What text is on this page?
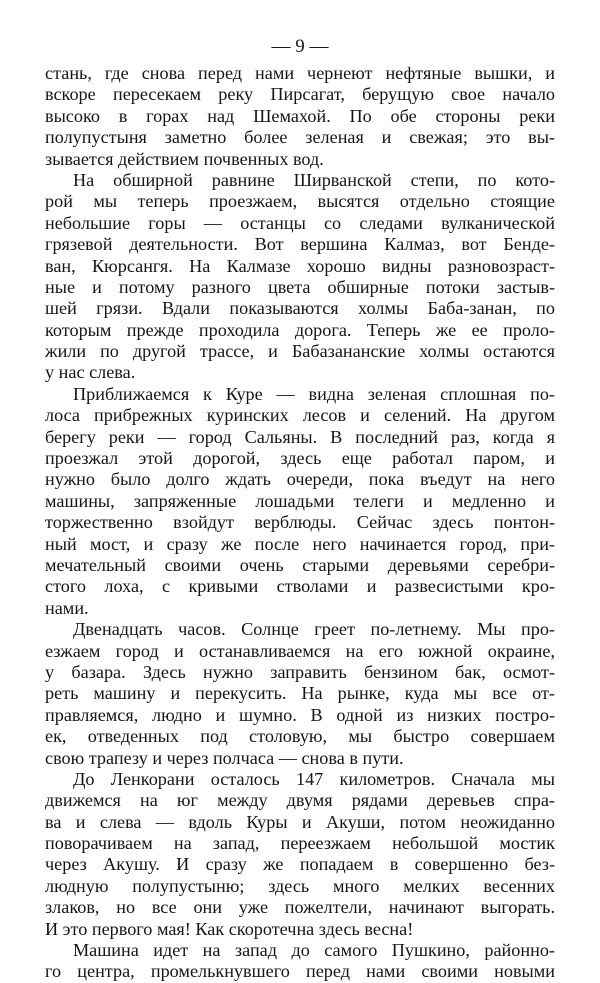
— 9 —
стань, где снова перед нами чернеют нефтяные вышки, и
вскоре пересекаем реку Пирсагат, берущую свое начало
высоко в горах над Шемахой. По обе стороны реки
полупустыня заметно более зеленая и свежая; это вы-
зывается действием почвенных вод.
На обширной равнине Ширванской степи, по кото-
рой мы теперь проезжаем, высятся отдельно стоящие
небольшие горы — останцы со следами вулканической
грязевой деятельности. Вот вершина Калмаз, вот Бенде-
ван, Кюрсангя. На Калмазе хорошо видны разновозраст-
ные и потому разного цвета обширные потоки застыв-
шей грязи. Вдали показываются холмы Баба-занан, по
которым прежде проходила дорога. Теперь же ее проло-
жили по другой трассе, и Бабазананские холмы остаются
у нас слева.
Приближаемся к Куре — видна зеленая сплошная по-
лоса прибрежных куринских лесов и селений. На другом
берегу реки — город Сальяны. В последний раз, когда я
проезжал этой дорогой, здесь еще работал паром, и
нужно было долго ждать очереди, пока въедут на него
машины, запряженные лошадьми телеги и медленно и
торжественно взойдут верблюды. Сейчас здесь понтон-
ный мост, и сразу же после него начинается город, при-
мечательный своими очень старыми деревьями серебри-
стого лоха, с кривыми стволами и развесистыми кро-
нами.
Двенадцать часов. Солнце греет по-летнему. Мы про-
езжаем город и останавливаемся на его южной окраине,
у базара. Здесь нужно заправить бензином бак, осмот-
реть машину и перекусить. На рынке, куда мы все от-
правляемся, людно и шумно. В одной из низких постро-
ек, отведенных под столовую, мы быстро совершаем
свою трапезу и через полчаса — снова в пути.
До Ленкорани осталось 147 километров. Сначала мы
движемся на юг между двумя рядами деревьев спра-
ва и слева — вдоль Куры и Акуши, потом неожиданно
поворачиваем на запад, переезжаем небольшой мостик
через Акушу. И сразу же попадаем в совершенно без-
людную полупустыню; здесь много мелких весенних
злаков, но все они уже пожелтели, начинают выгорать.
И это первого мая! Как скоротечна здесь весна!
Машина идет на запад до самого Пушкино, районно-
го центра, промелькнувшего перед нами своими новыми
